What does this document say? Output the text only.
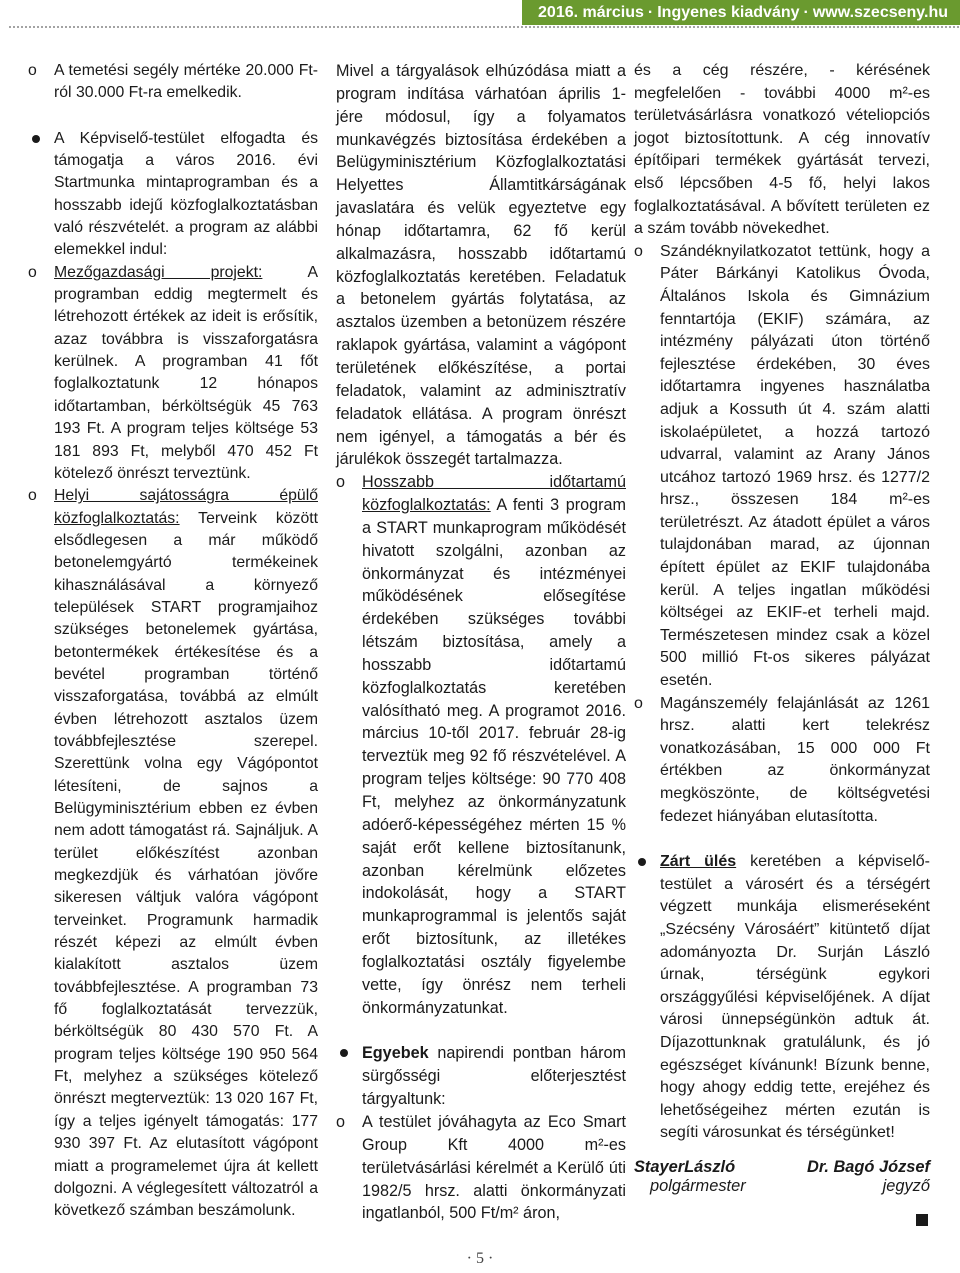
2016. március · Ingyenes kiadvány · www.szecseny.hu

o A temetési segély mértéke 20.000 Ft-ról 30.000 Ft-ra emelkedik.

A Képviselő-testület elfogadta és támogatja a város 2016. évi Startmunka mintaprogramban és a hosszabb idejű közfoglalkoztatásban való részvételét. a program az alábbi elemekkel indul:

o Mezőgazdasági projekt:	A programban eddig megtermelt és létrehozott értékek az ideit is erősítik, azaz továbbra is visszaforgatásra kerülnek. A programban 41 főt foglalkoztatunk 12 hónapos időtartamban, bérköltségük 45 763 193 Ft. A program teljes költsége 53 181 893 Ft, melyből 470 452 Ft kötelező önrészt terveztünk.

o Helyi sajátosságra épülő közfoglalkoztatás: Terveink között elsődlegesen a már működő betonelemgyártó termékeinek kihasználásával a környező települések START programjaihoz szükséges betonelemek gyártása, betontermékek értékesítése és a bevétel programban történő visszaforgatása, továbbá az elmúlt évben létrehozott asztalos üzem továbbfejlesztése szerepel. Szerettünk volna egy Vágópontot létesíteni, de sajnos a Belügyminisztérium ebben ez évben nem adott támogatást rá. Sajnáljuk. A terület előkészítést azonban megkezdjük és várhatóan jövőre sikeresen váltjuk valóra vágópont terveinket. Programunk harmadik részét képezi az elmúlt évben kialakított asztalos üzem továbbfejlesztése. A programban 73 fő foglalkoztatását tervezzük, bérköltségük 80 430 570 Ft. A program teljes költsége 190 950 564 Ft, melyhez a szükséges kötelező önrészt megterveztük: 13 020 167 Ft, így a teljes igényelt támogatás: 177 930 397 Ft. Az elutasított vágópont miatt a programelemet újra át kellett dolgozni. A véglegesített változatról a következő számban beszámolunk.

Mivel a tárgyalások elhúzódása miatt a program indítása várhatóan április 1-jére módosul, így a folyamatos munkavégzés biztosítása érdekében a Belügyminisztérium Közfoglalkoztatási Helyettes Államtitkárságának javaslatára és velük egyeztetve egy hónap időtartamra, 62 fő kerül alkalmazásra, hosszabb időtartamú közfoglalkoztatás keretében. Feladatuk a betonelem gyártás folytatása, az asztalos üzemben a betonüzem részére raklapok gyártása, valamint a vágópont területének előkészítése, a portai feladatok, valamint az adminisztratív feladatok ellátása. A program önrészt nem igényel, a támogatás a bér és járulékok összegét tartalmazza.

o Hosszabb időtartamú közfoglalkoztatás: A fenti 3 program a START munkaprogram működését hivatott szolgálni, azonban az önkormányzat és intézményei működésének elősegítése érdekében szükséges további létszám biztosítása, amely a hosszabb időtartamú közfoglalkoztatás keretében valósítható meg. A programot 2016. március 10-től 2017. február 28-ig terveztük meg 92 fő részvételével. A program teljes költsége: 90 770 408 Ft, melyhez az önkormányzatunk adóerő-képességéhez mérten 15 % saját erőt kellene biztosítanunk, azonban kérelmünk előzetes indokolását, hogy a START munkaprogrammal is jelentős saját erőt biztosítunk, az illetékes foglalkoztatási osztály figyelembe vette, így önrész nem terheli önkormányzatunkat.

Egyebek napirendi pontban három sürgősségi előterjesztést tárgyaltunk:

o A testület jóváhagyta az Eco Smart Group Kft 4000 m²-es területvásárlási kérelmét a Kerülő úti 1982/5 hrsz. alatti önkormányzati ingatlanból, 500 Ft/m² áron,

és a cég részére, - kérésének megfelelően - további 4000 m²-es területvásárlásra vonatkozó vételiopciós jogot biztosítottunk. A cég innovatív építőipari termékek gyártását tervezi, első lépcsőben 4-5 fő, helyi lakos foglalkoztatásával. A bővített területen ez a szám tovább növekedhet.

o Szándéknyilatkozatot tettünk, hogy a Páter Bárkányi Katolikus Óvoda, Általános Iskola és Gimnázium fenntartója (EKIF) számára, az intézmény pályázati úton történő fejlesztése érdekében, 30 éves időtartamra ingyenes használatba adjuk a Kossuth út 4. szám alatti iskolaépületet, a hozzá tartozó udvarral, valamint az Arany János utcához tartozó 1969 hrsz. és 1277/2 hrsz., összesen 184 m²-es területrészt. Az átadott épület a város tulajdonában marad, az újonnan épített épület az EKIF tulajdonába kerül. A teljes ingatlan működési költségei az EKIF-et terheli majd. Természetesen mindez csak a közel 500 millió Ft-os sikeres pályázat esetén.

o Magánszemély felajánlását az 1261 hrsz. alatti kert telekrész vonatkozásában, 15 000 000 Ft értékben az önkormányzat megköszönte, de költségvetési fedezet hiányában elutasította.

Zárt ülés keretében a képviselő-testület a városért és a térségért végzett munkája elismeréseként „Szécsény Városáért” kitüntető díjat adományozta Dr. Surján László úrnak, térségünk egykori országgyűlési képviselőjének. A díjat városi ünnepségünkön adtuk át. Díjazottunknak gratulálunk, és jó egészséget kívánunk! Bízunk benne, hogy ahogy eddig tette, erejéhez és lehetőségeihez mérten ezután is segíti városunkat és térségünket!

StayerLászló	Dr. Bagó József
polgármester	jegyző
· 5 ·
